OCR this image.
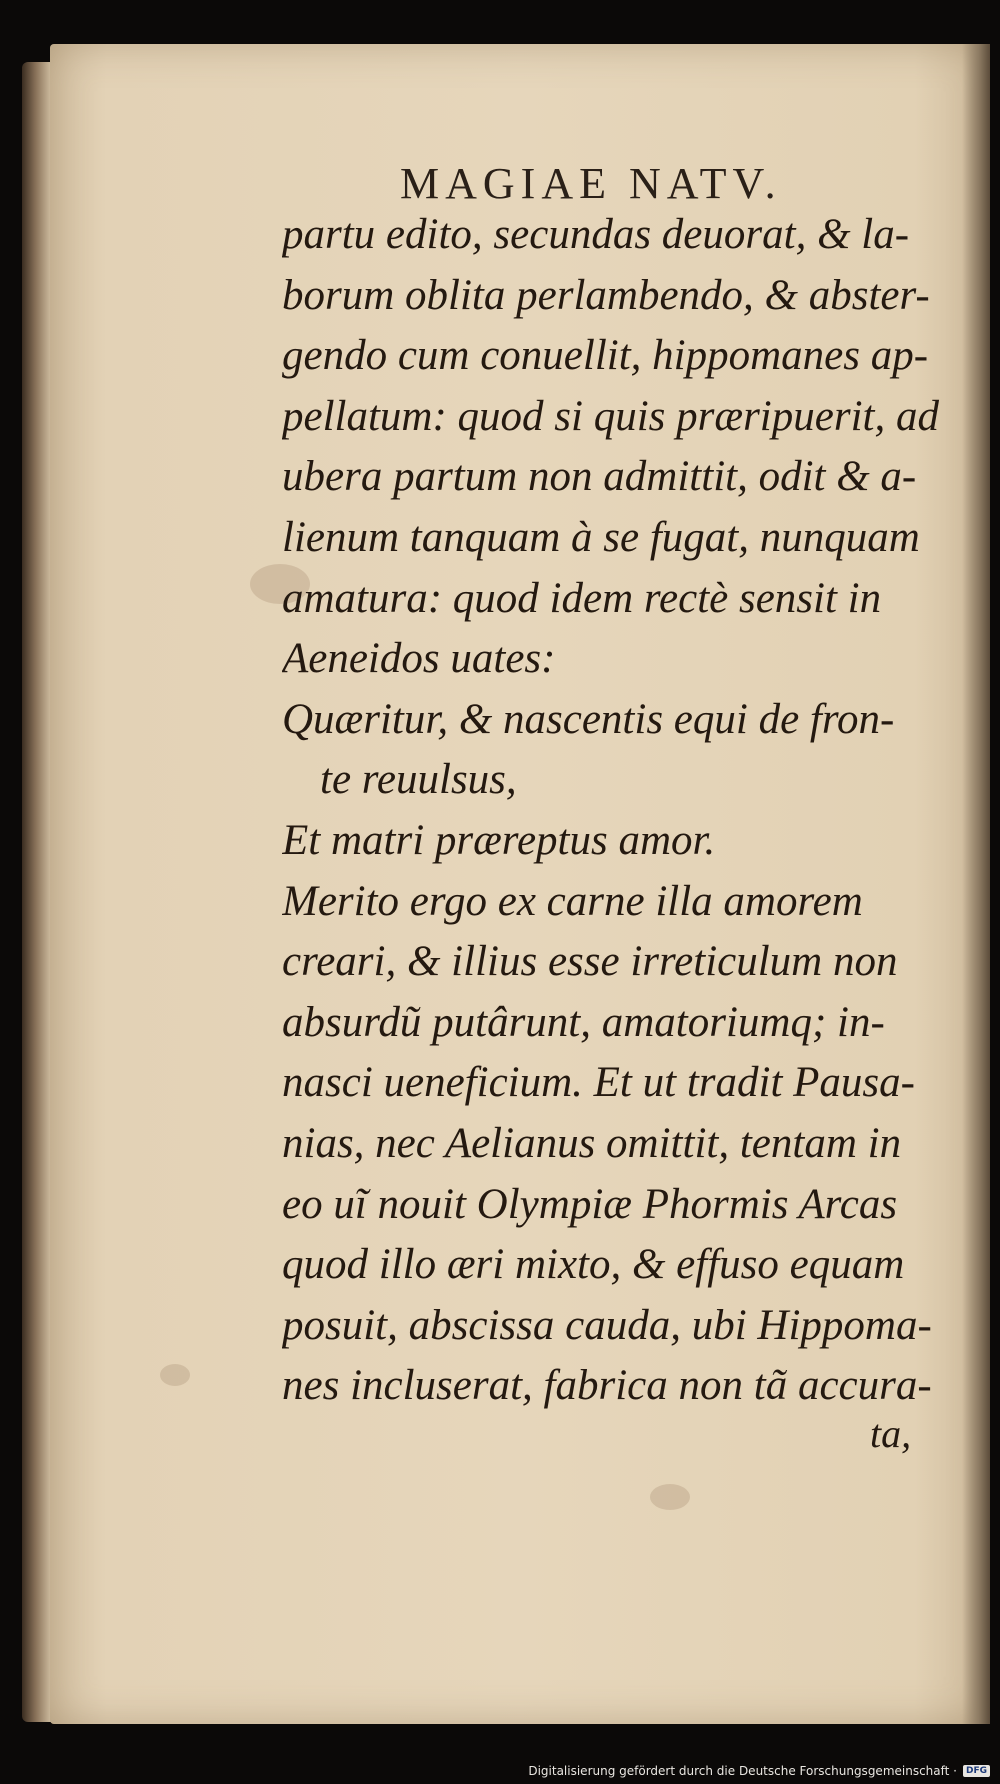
MAGIAE NATV.
partu edito, secundas deuorat, & la-
borum oblita perlambendo, & abster-
gendo cum conuellit, hippomanes ap-
pellatum: quod si quis præripuerit, ad
ubera partum non admittit, odit & a-
lienum tanquam à se fugat, nunquam
amatura: quod idem rectè sensit in
Aeneidos uates:
Quæritur, & nascentis equi de fron-
te reuulsus,
Et matri præreptus amor.
Merito ergo ex carne illa amorem
creari, & illius esse irreticulum non
absurdũ putârunt, amatoriumq; in-
nasci ueneficium. Et ut tradit Pausa-
nias, nec Aelianus omittit, tentam in
eo uĩ nouit Olympiæ Phormis Arcas
quod illo æri mixto, & effuso equam
posuit, abscissa cauda, ubi Hippoma-
nes incluserat, fabrica non tã accura-
ta,
Digitalisierung gefördert durch die Deutsche Forschungsgemeinschaft ·	DFG
